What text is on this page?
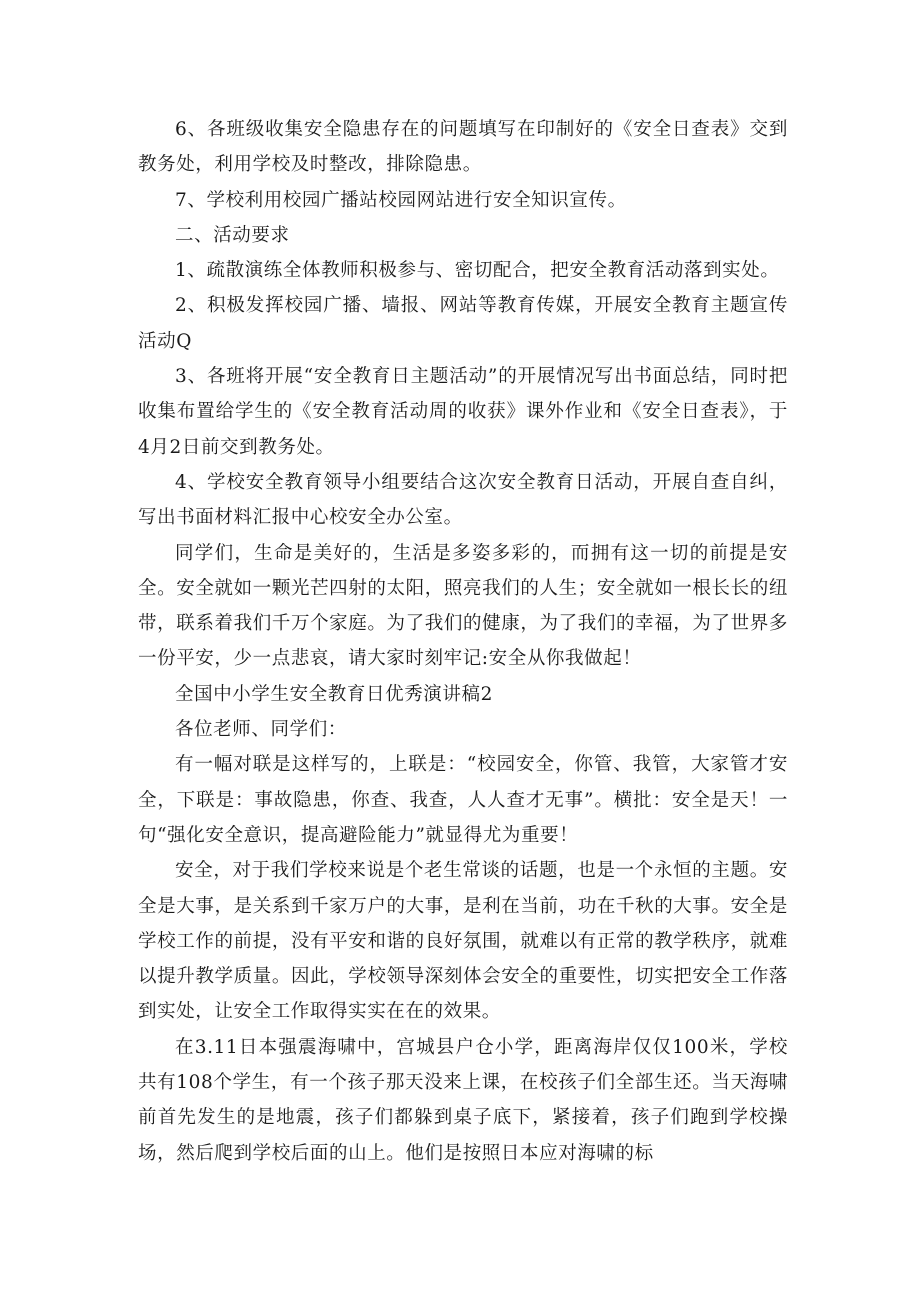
6、各班级收集安全隐患存在的问题填写在印制好的《安全日查表》交到教务处，利用学校及时整改，排除隐患。

7、学校利用校园广播站校园网站进行安全知识宣传。

二、活动要求

1、疏散演练全体教师积极参与、密切配合，把安全教育活动落到实处。

2、积极发挥校园广播、墙报、网站等教育传媒，开展安全教育主题宣传活动Q

3、各班将开展“安全教育日主题活动”的开展情况写出书面总结，同时把收集布置给学生的《安全教育活动周的收获》课外作业和《安全日查表》，于4月2日前交到教务处。

4、学校安全教育领导小组要结合这次安全教育日活动，开展自查自纠，写出书面材料汇报中心校安全办公室。

同学们，生命是美好的，生活是多姿多彩的，而拥有这一切的前提是安全。安全就如一颗光芒四射的太阳，照亮我们的人生；安全就如一根长长的纽带，联系着我们千万个家庭。为了我们的健康，为了我们的幸福，为了世界多一份平安，少一点悲哀，请大家时刻牢记:安全从你我做起！

全国中小学生安全教育日优秀演讲稿2

各位老师、同学们：

有一幅对联是这样写的，上联是：“校园安全，你管、我管，大家管才安全，下联是：事故隐患，你查、我查，人人查才无事”。横批：安全是天！一句“强化安全意识，提高避险能力”就显得尤为重要！

安全，对于我们学校来说是个老生常谈的话题，也是一个永恒的主题。安全是大事，是关系到千家万户的大事，是利在当前，功在千秋的大事。安全是学校工作的前提，没有平安和谐的良好氛围，就难以有正常的教学秩序，就难以提升教学质量。因此，学校领导深刻体会安全的重要性，切实把安全工作落到实处，让安全工作取得实实在在的效果。

在3.11日本强震海啸中，宫城县户仓小学，距离海岸仅仅100米，学校共有108个学生，有一个孩子那天没来上课，在校孩子们全部生还。当天海啸前首先发生的是地震，孩子们都躲到桌子底下，紧接着，孩子们跑到学校操场，然后爬到学校后面的山上。他们是按照日本应对海啸的标
